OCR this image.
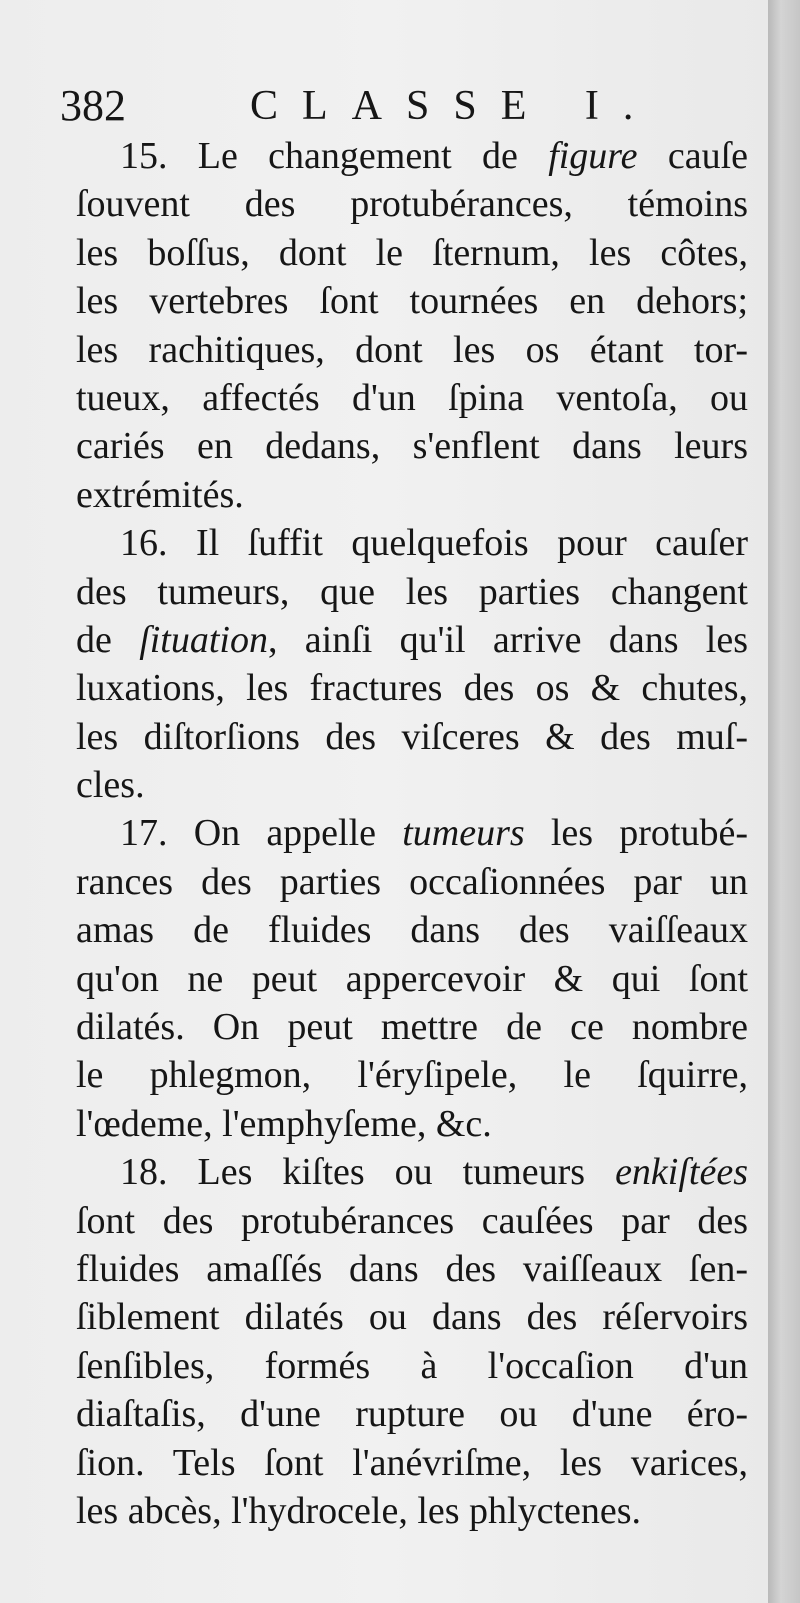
382	CLASSE I.
15. Le changement de figure cauſe
ſouvent des protubérances, témoins
les boſſus, dont le ſternum, les côtes,
les vertebres ſont tournées en dehors;
les rachitiques, dont les os étant tor-
tueux, affectés d'un ſpina ventoſa, ou
cariés en dedans, s'enflent dans leurs
extrémités.
16. Il ſuffit quelquefois pour cauſer
des tumeurs, que les parties changent
de ſituation, ainſi qu'il arrive dans les
luxations, les fractures des os & chutes,
les diſtorſions des viſceres & des muſ-
cles.
17. On appelle tumeurs les protubé-
rances des parties occaſionnées par un
amas de fluides dans des vaiſſeaux
qu'on ne peut appercevoir & qui ſont
dilatés. On peut mettre de ce nombre
le phlegmon, l'éryſipele, le ſquirre,
l'œdeme, l'emphyſeme, &c.
18. Les kiſtes ou tumeurs enkiſtées
ſont des protubérances cauſées par des
fluides amaſſés dans des vaiſſeaux ſen-
ſiblement dilatés ou dans des réſervoirs
ſenſibles, formés à l'occaſion d'un
diaſtaſis, d'une rupture ou d'une éro-
ſion. Tels ſont l'anévriſme, les varices,
les abcès, l'hydrocele, les phlyctenes.
